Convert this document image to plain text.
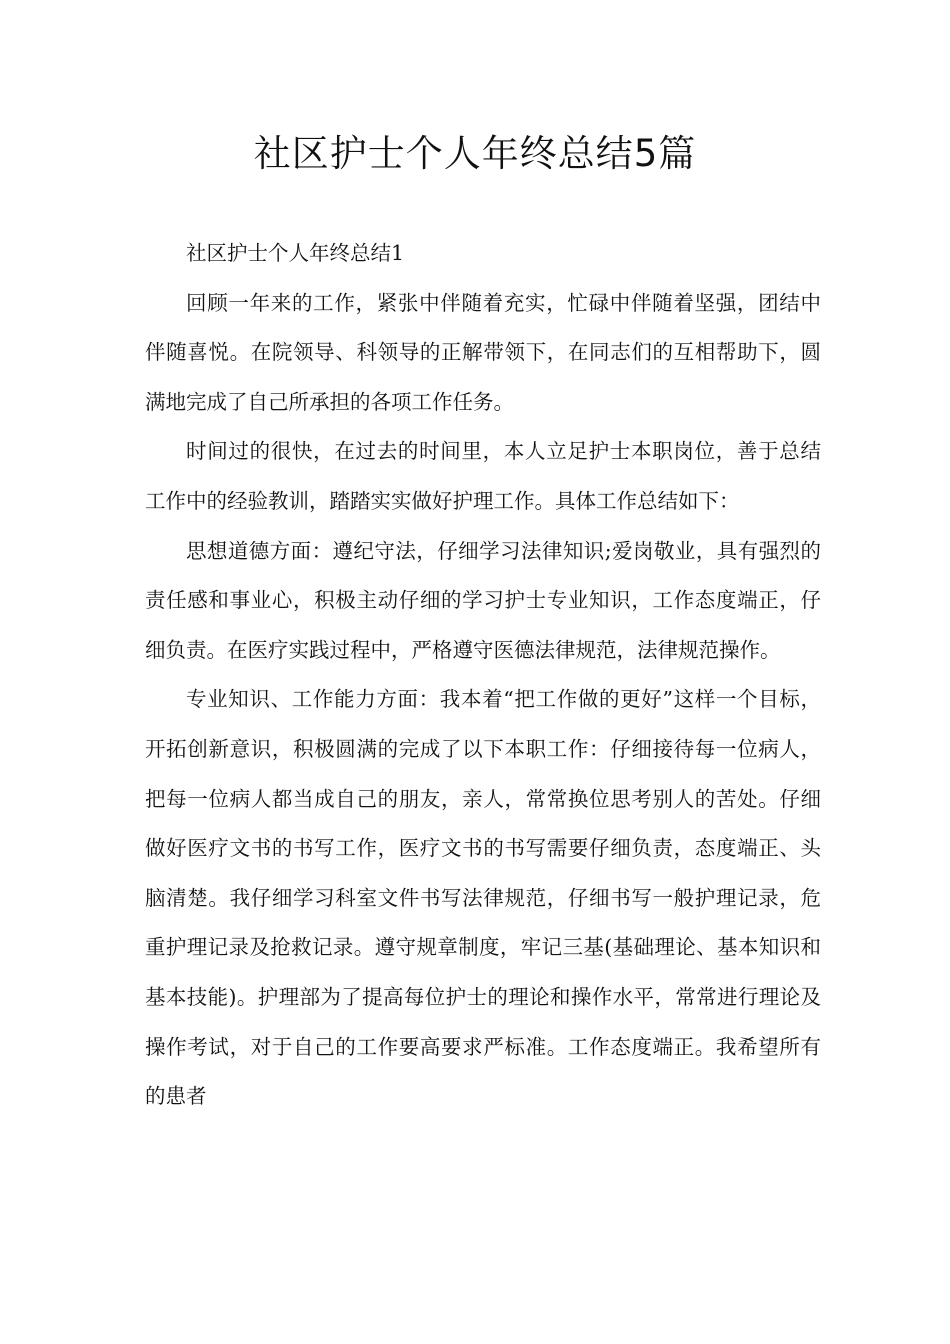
社区护士个人年终总结5篇

社区护士个人年终总结1

回顾一年来的工作，紧张中伴随着充实，忙碌中伴随着坚强，团结中伴随喜悦。在院领导、科领导的正解带领下，在同志们的互相帮助下，圆满地完成了自己所承担的各项工作任务。

时间过的很快，在过去的时间里，本人立足护士本职岗位，善于总结工作中的经验教训，踏踏实实做好护理工作。具体工作总结如下：

思想道德方面：遵纪守法，仔细学习法律知识;爱岗敬业，具有强烈的责任感和事业心，积极主动仔细的学习护士专业知识，工作态度端正，仔细负责。在医疗实践过程中，严格遵守医德法律规范，法律规范操作。

专业知识、工作能力方面：我本着“把工作做的更好”这样一个目标，开拓创新意识，积极圆满的完成了以下本职工作：仔细接待每一位病人，把每一位病人都当成自己的朋友，亲人，常常换位思考别人的苦处。仔细做好医疗文书的书写工作，医疗文书的书写需要仔细负责，态度端正、头脑清楚。我仔细学习科室文件书写法律规范，仔细书写一般护理记录，危重护理记录及抢救记录。遵守规章制度，牢记三基(基础理论、基本知识和基本技能)。护理部为了提高每位护士的理论和操作水平，常常进行理论及操作考试，对于自己的工作要高要求严标准。工作态度端正。我希望所有的患者
